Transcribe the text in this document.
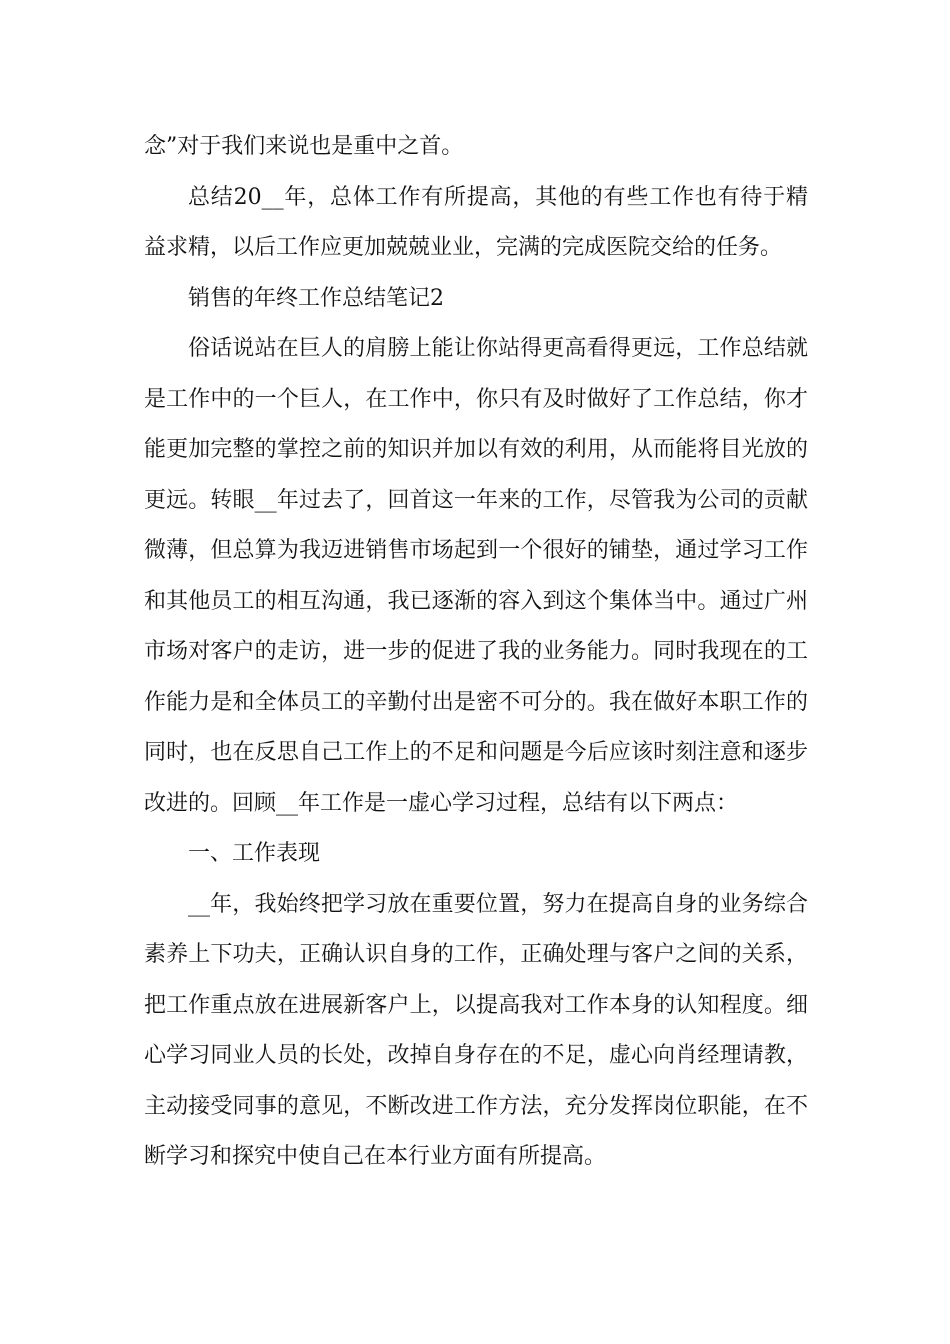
念”对于我们来说也是重中之首。

总结20__年，总体工作有所提高，其他的有些工作也有待于精益求精，以后工作应更加兢兢业业，完满的完成医院交给的任务。

销售的年终工作总结笔记2

俗话说站在巨人的肩膀上能让你站得更高看得更远，工作总结就是工作中的一个巨人，在工作中，你只有及时做好了工作总结，你才能更加完整的掌控之前的知识并加以有效的利用，从而能将目光放的更远。转眼__年过去了，回首这一年来的工作，尽管我为公司的贡献微薄，但总算为我迈进销售市场起到一个很好的铺垫，通过学习工作和其他员工的相互沟通，我已逐渐的容入到这个集体当中。通过广州市场对客户的走访，进一步的促进了我的业务能力。同时我现在的工作能力是和全体员工的辛勤付出是密不可分的。我在做好本职工作的同时，也在反思自己工作上的不足和问题是今后应该时刻注意和逐步改进的。回顾__年工作是一虚心学习过程，总结有以下两点：

一、工作表现

__年，我始终把学习放在重要位置，努力在提高自身的业务综合素养上下功夫，正确认识自身的工作，正确处理与客户之间的关系，把工作重点放在进展新客户上，以提高我对工作本身的认知程度。细心学习同业人员的长处，改掉自身存在的不足，虚心向肖经理请教，主动接受同事的意见，不断改进工作方法，充分发挥岗位职能，在不断学习和探究中使自己在本行业方面有所提高。
